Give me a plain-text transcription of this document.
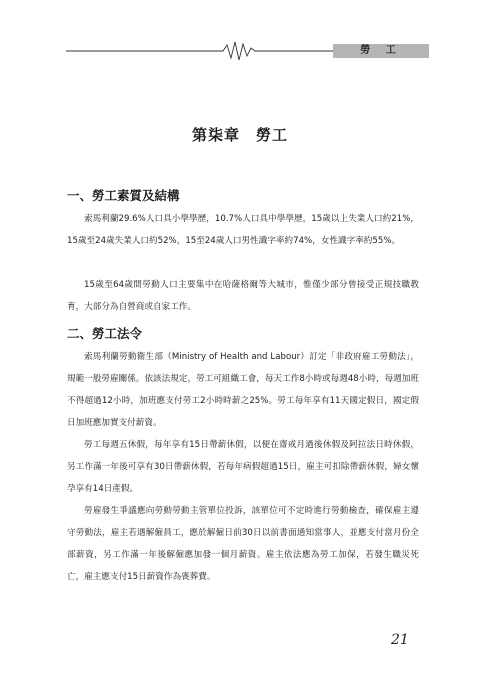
勞 工
第柒章　勞工
一、勞工素質及結構

索馬利蘭29.6%人口具小學學歷，10.7%人口具中學學歷，15歲以上失業人口約21%，15歲至24歲失業人口約52%，15至24歲人口男性識字率約74%，女性識字率約55%。

15歲至64歲間勞動人口主要集中在哈薩格爾等大城市，惟僅少部分曾接受正規技職教育，大部分為自營商或自家工作。

二、勞工法令

索馬利蘭勞動衛生部（Ministry of Health and Labour）訂定「非政府雇工勞動法」，規範一般勞雇關係。依該法規定，勞工可組織工會，每天工作8小時或每週48小時，每週加班不得超過12小時，加班應支付勞工2小時時薪之25%。勞工每年享有11天國定假日，國定假日加班應加實支付薪資。

勞工每週五休假，每年享有15日帶薪休假，以便在齋戒月過後休假及阿拉法日時休假，另工作滿一年後可享有30日帶薪休假，若每年病假超過15日，雇主可扣除帶薪休假，婦女懷孕享有14日產假。

勞雇發生爭議應向勞動勞動主管單位投訴，該單位可不定時進行勞動檢查，確保雇主遵守勞動法，雇主若遇解僱員工，應於解僱日前30日以前書面通知當事人，並應支付當月份全部薪資，另工作滿一年後解僱應加發一個月薪資。雇主依法應為勞工加保，若發生職災死亡，雇主應支付15日薪資作為喪葬費。

21
